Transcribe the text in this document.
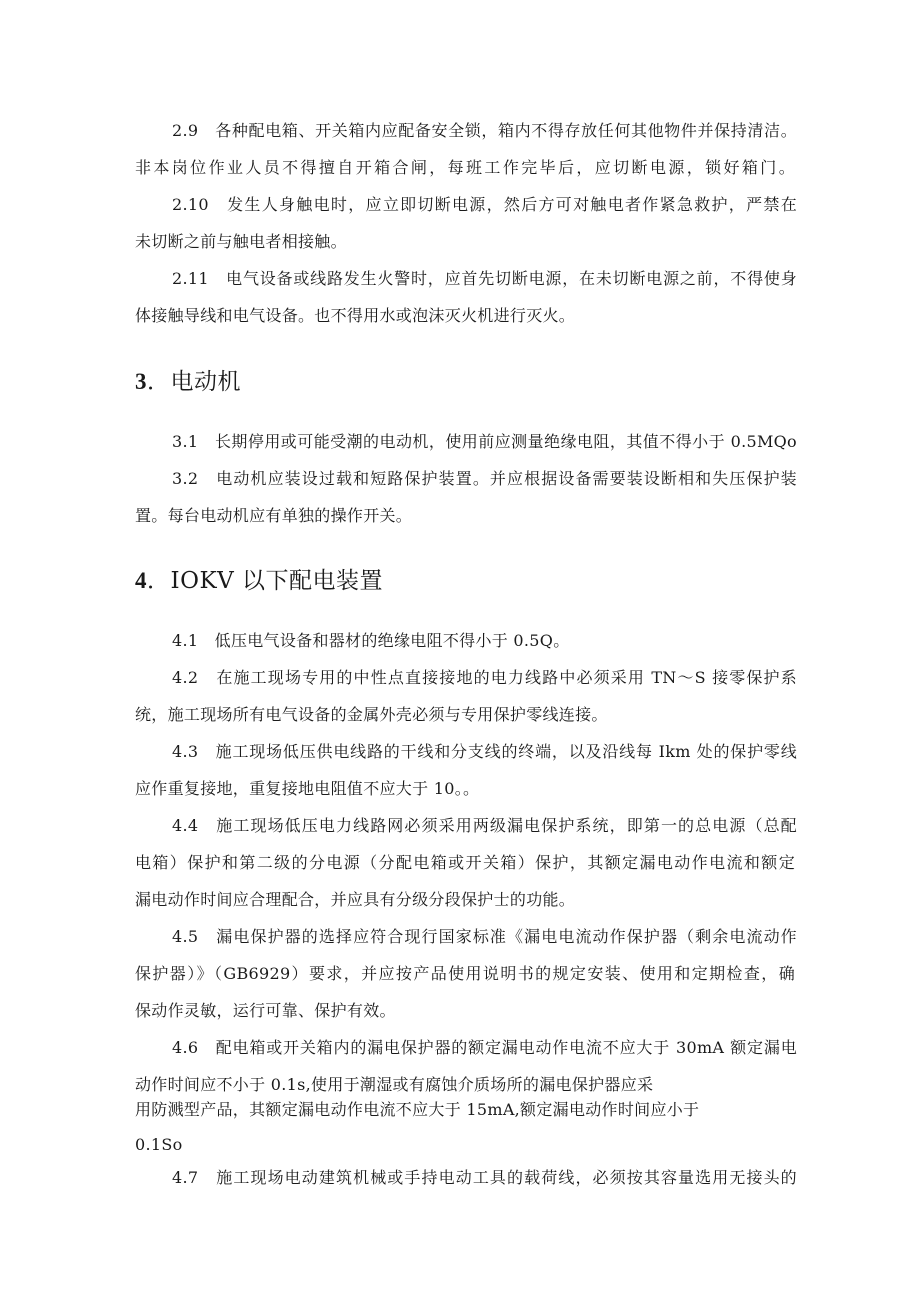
2.9　各种配电箱、开关箱内应配备安全锁，箱内不得存放任何其他物件并保持清洁。
非本岗位作业人员不得擅自开箱合闸，每班工作完毕后，应切断电源，锁好箱门。
2.10　发生人身触电时，应立即切断电源，然后方可对触电者作紧急救护，严禁在
未切断之前与触电者相接触。
2.11　电气设备或线路发生火警时，应首先切断电源，在未切断电源之前，不得使身
体接触导线和电气设备。也不得用水或泡沫灭火机进行灭火。
3．电动机
3.1　长期停用或可能受潮的电动机，使用前应测量绝缘电阻，其值不得小于 0.5MQo
3.2　电动机应装设过载和短路保护装置。并应根据设备需要装设断相和失压保护装
置。每台电动机应有单独的操作开关。
4．IOKV 以下配电装置
4.1　低压电气设备和器材的绝缘电阻不得小于 0.5Q。
4.2　在施工现场专用的中性点直接接地的电力线路中必须采用 TN～S 接零保护系
统，施工现场所有电气设备的金属外壳必须与专用保护零线连接。
4.3　施工现场低压供电线路的干线和分支线的终端，以及沿线每 Ikm 处的保护零线
应作重复接地，重复接地电阻值不应大于 10。。
4.4　施工现场低压电力线路网必须采用两级漏电保护系统，即第一的总电源（总配
电箱）保护和第二级的分电源（分配电箱或开关箱）保护，其额定漏电动作电流和额定
漏电动作时间应合理配合，并应具有分级分段保护士的功能。
4.5　漏电保护器的选择应符合现行国家标准《漏电电流动作保护器（剩余电流动作
保护器）》（GB6929）要求，并应按产品使用说明书的规定安装、使用和定期检查，确
保动作灵敏，运行可靠、保护有效。
4.6　配电箱或开关箱内的漏电保护器的额定漏电动作电流不应大于 30mA 额定漏电
动作时间应不小于 0.1s,使用于潮湿或有腐蚀介质场所的漏电保护器应采
用防溅型产品，其额定漏电动作电流不应大于 15mA,额定漏电动作时间应小于
0.1So
4.7　施工现场电动建筑机械或手持电动工具的载荷线，必须按其容量选用无接头的
